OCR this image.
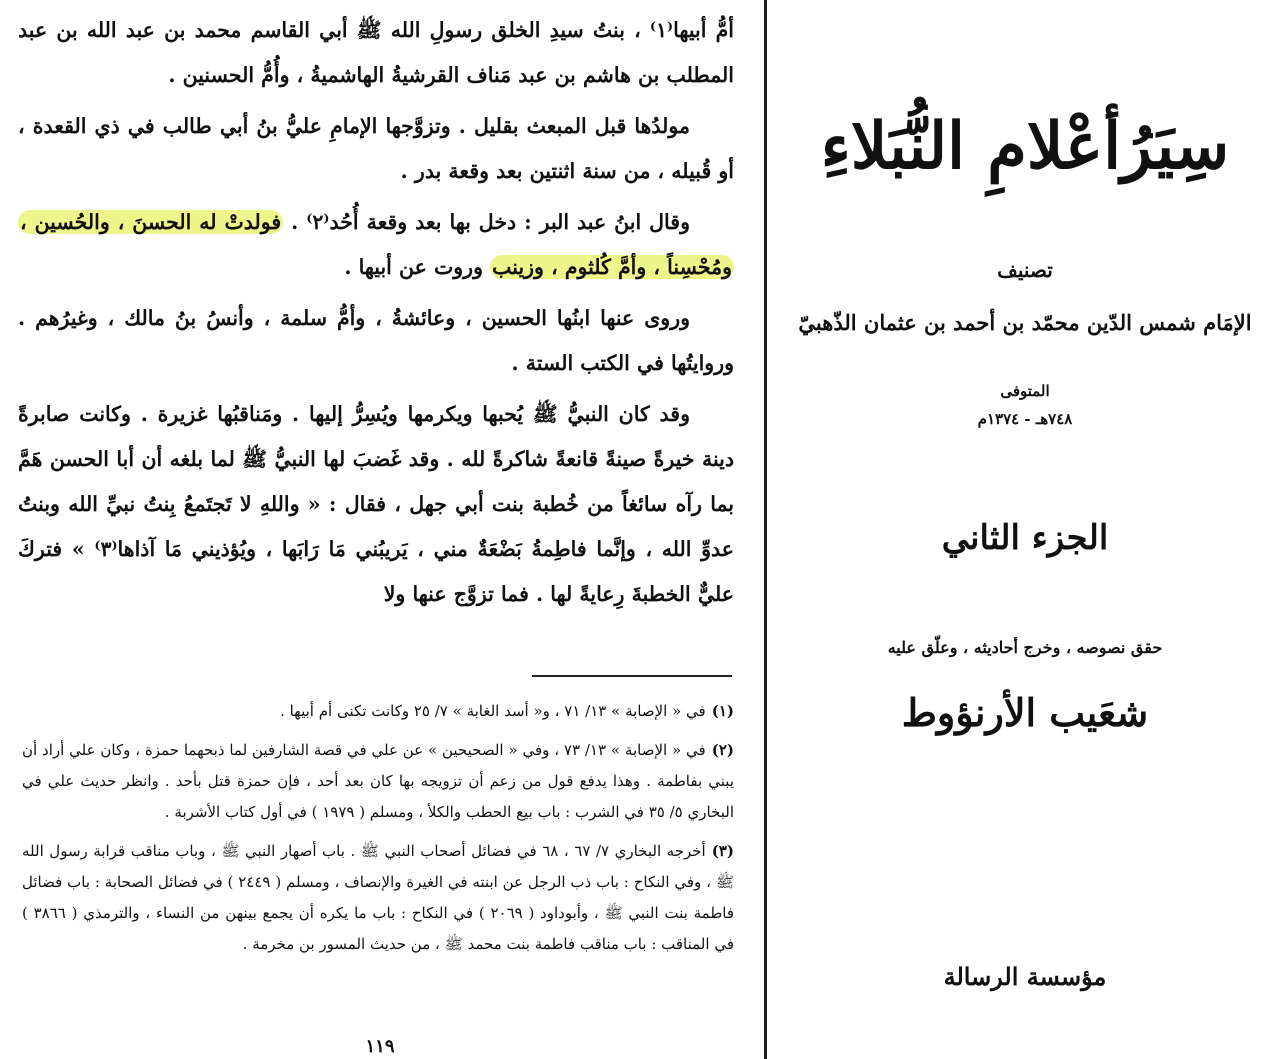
أمُّ أبيها⁽١⁾ ، بنتُ سيدِ الخلق رسولِ الله ﷺ أبي القاسم محمد بن عبد الله بن عبد المطلب بن هاشم بن عبد مَناف القرشيةُ الهاشميةُ ، وأُمُّ الحسنين .

مولدُها قبل المبعث بقليل . وتزوَّجها الإمامِ عليُّ بنُ أبي طالب في ذي القعدة ، أو قُبيله ، من سنة اثنتين بعد وقعة بدر .

وقال ابنُ عبد البر : دخل بها بعد وقعة أُحُد⁽٢⁾ . فولدتْ له الحسنَ ، والحُسين ، ومُحْسِناً ، وأمَّ كُلثوم ، وزينب وروت عن أبيها .

وروى عنها ابنُها الحسين ، وعائشةُ ، وأمُّ سلمة ، وأنسُ بنُ مالك ، وغيرُهم . وروايتُها في الكتب الستة .

وقد كان النبيُّ ﷺ يُحبها ويكرمها ويُسِرُّ إليها . ومَناقبُها غزيرة . وكانت صابرةً دينة خيرةً صينةً قانعةً شاكرةً لله . وقد غَضبَ لها النبيُّ ﷺ لما بلغه أن أبا الحسن هَمَّ بما رآه سائغاً من خُطبة بنت أبي جهل ، فقال : « واللهِ لا تَجتَمعُ بِنتُ نبيِّ الله وبنتُ عدوِّ الله ، وإنَّما فاطِمةُ بَضْعَةٌ مني ، يَريبُني مَا رَابَها ، ويُؤذيني مَا آذاها⁽٣⁾ » فتركَ عليٌّ الخطبةَ رِعايةً لها . فما تزوَّج عنها ولا

(١)في « الإصابة » ١٣/ ٧١ ، و« أسد الغابة » ٧/ ٢٥ وكانت تكنى أم أبيها .

(٢)في « الإصابة » ١٣/ ٧٣ ، وفي « الصحيحين » عن علي في قصة الشارفين لما ذبحهما حمزة ، وكان علي أراد أن يبني بفاطمة . وهذا يدفع قول من زعم أن تزويجه بها كان بعد أحد ، فإن حمزة قتل بأحد . وانظر حديث علي في البخاري ٥/ ٣٥ في الشرب : باب بيع الحطب والكلأ ، ومسلم ( ١٩٧٩ ) في أول كتاب الأشربة .

(٣)أخرجه البخاري ٧/ ٦٧ ، ٦٨ في فضائل أصحاب النبي ﷺ . باب أصهار النبي ﷺ ، وباب مناقب قرابة رسول الله ﷺ ، وفي النكاح : باب ذب الرجل عن ابنته في الغيرة والإنصاف ، ومسلم ( ٢٤٤٩ ) في فضائل الصحابة : باب فضائل فاطمة بنت النبي ﷺ ، وأبوداود ( ٢٠٦٩ ) في النكاح : باب ما يكره أن يجمع بينهن من النساء ، والترمذي ( ٣٨٦٦ ) في المناقب : باب مناقب فاطمة بنت محمد ﷺ ، من حديث المسور بن مخرمة .

١١٩
سِيَرُأعْلامِ النُّبَلاءِ
تصنيف
الإمَام شمس الدّين محمّد بن أحمد بن عثمان الذّهبيّ
المتوفى
٧٤٨هـ - ١٣٧٤م
الجزء الثاني
حقق نصوصه ، وخرج أحاديثه ، وعلّق عليه
شعَيب الأرنؤوط
مؤسسة الرسالة
